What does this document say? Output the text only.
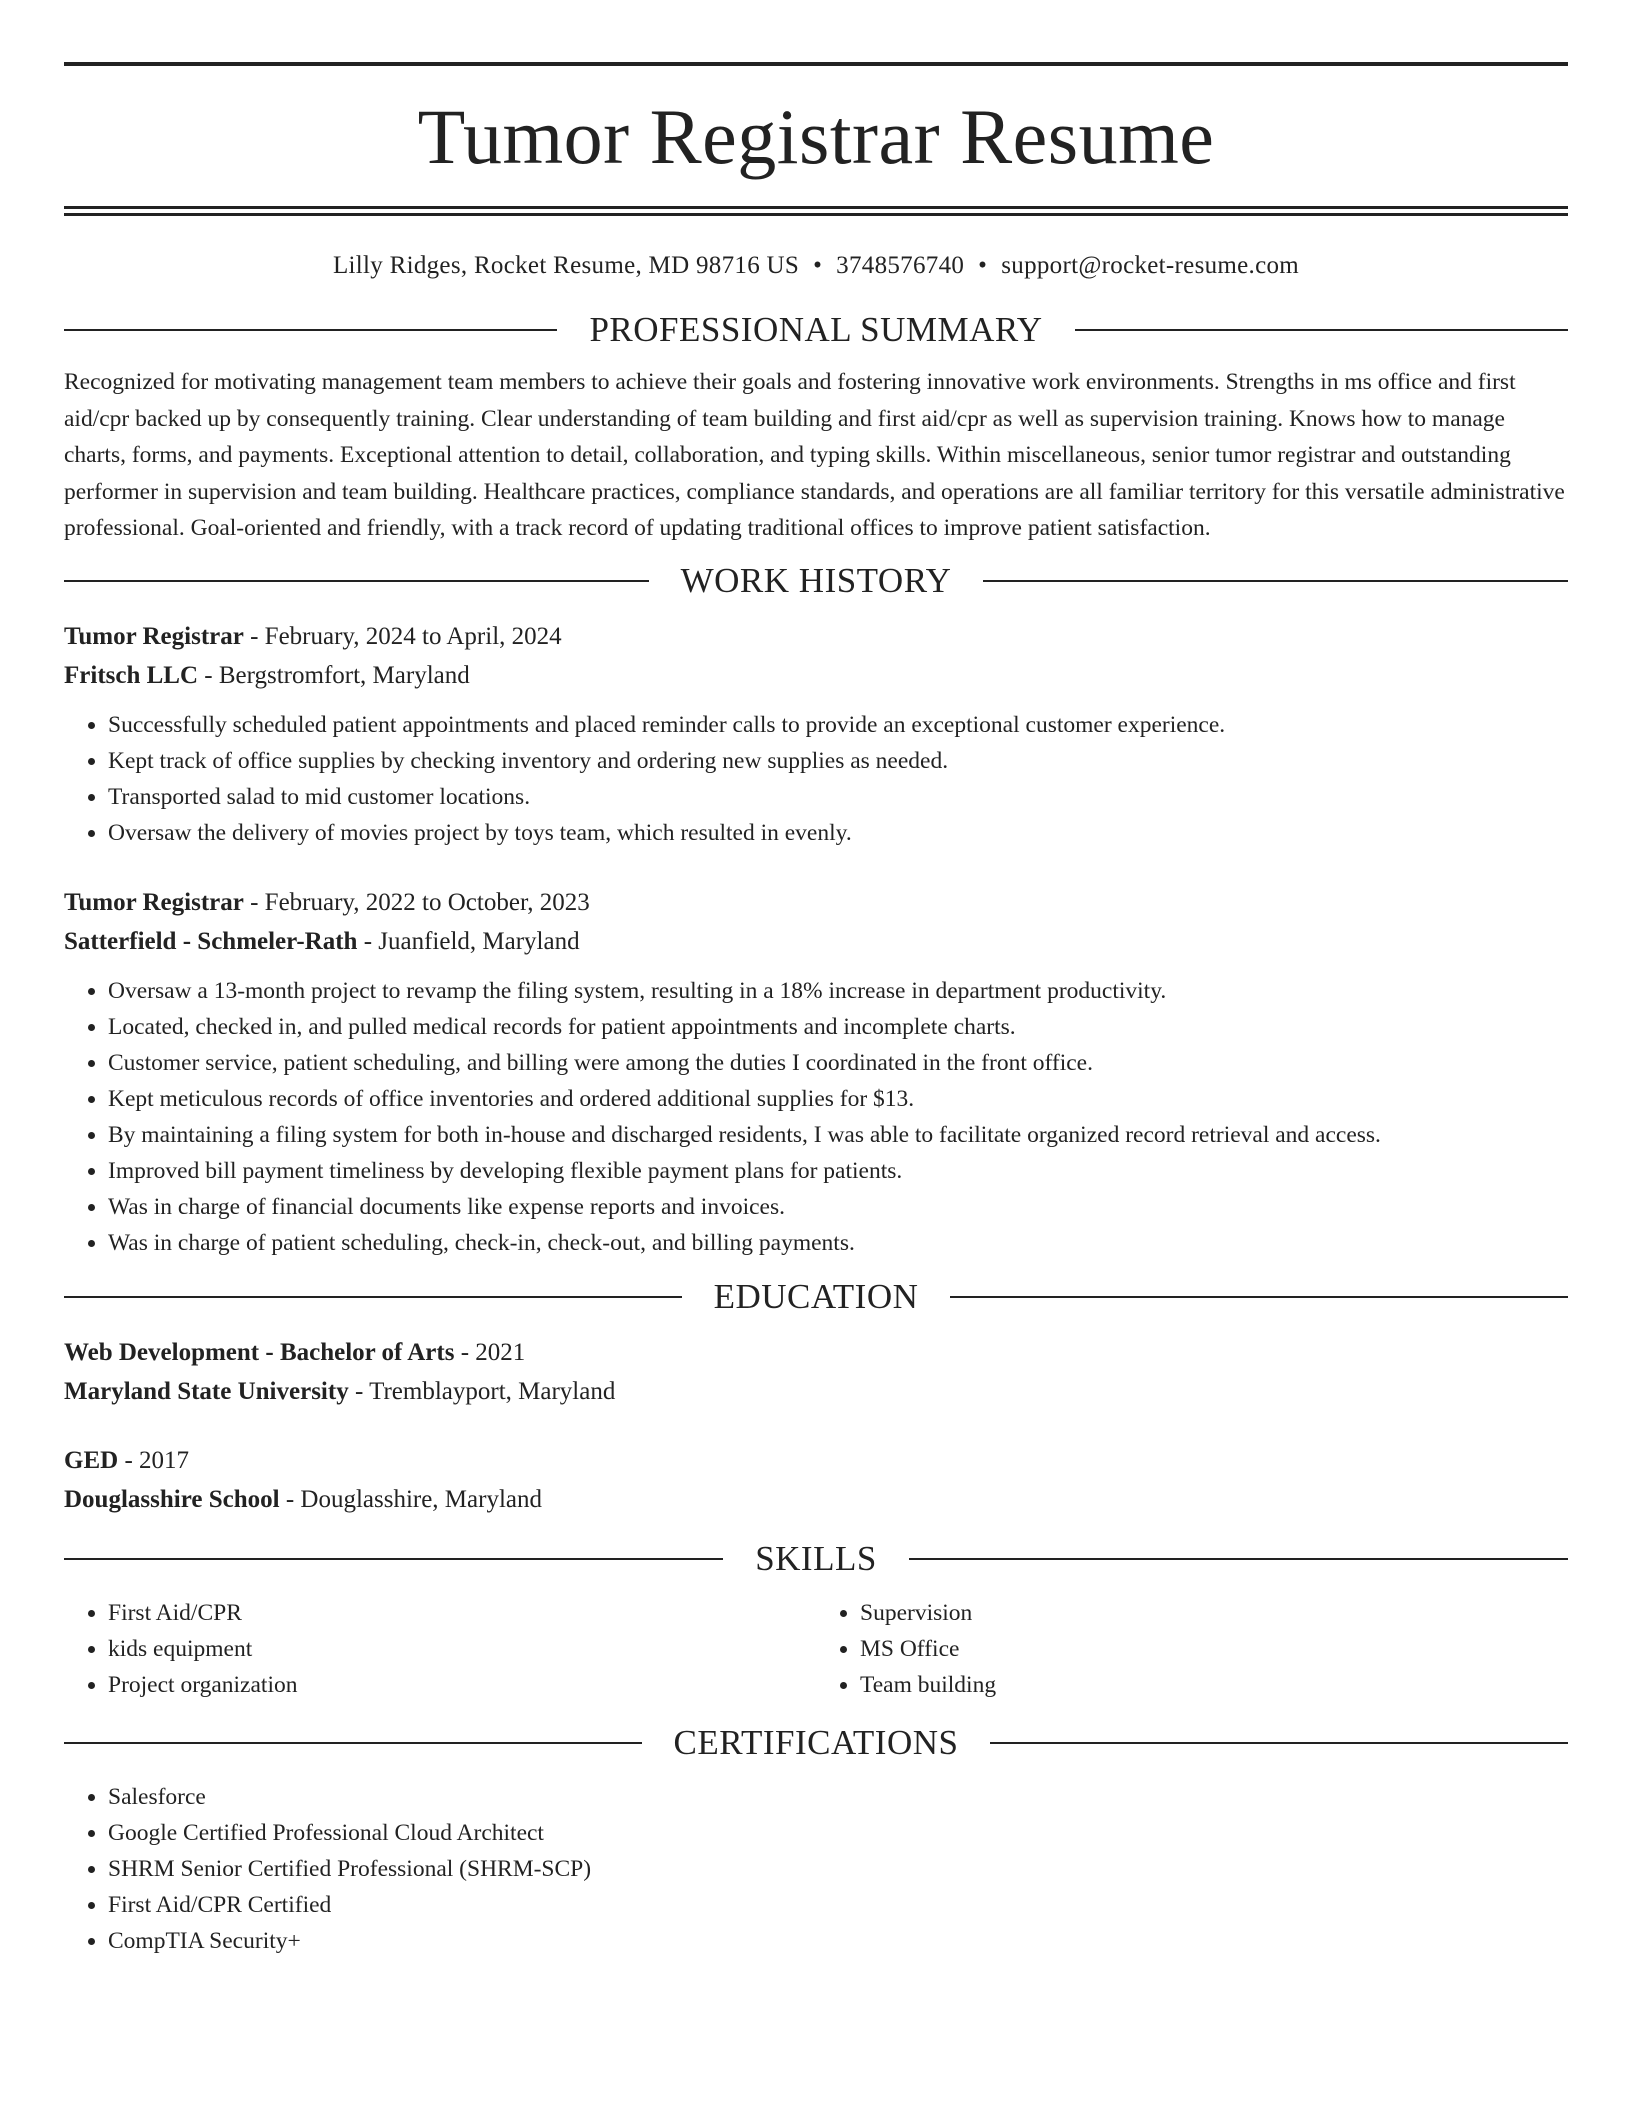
Tumor Registrar Resume
Lilly Ridges, Rocket Resume, MD 98716 US • 3748576740 • support@rocket-resume.com
PROFESSIONAL SUMMARY

Recognized for motivating management team members to achieve their goals and fostering innovative work environments. Strengths in ms office and first aid/cpr backed up by consequently training. Clear understanding of team building and first aid/cpr as well as supervision training. Knows how to manage charts, forms, and payments. Exceptional attention to detail, collaboration, and typing skills. Within miscellaneous, senior tumor registrar and outstanding performer in supervision and team building. Healthcare practices, compliance standards, and operations are all familiar territory for this versatile administrative professional. Goal-oriented and friendly, with a track record of updating traditional offices to improve patient satisfaction.

WORK HISTORY
Tumor Registrar - February, 2024 to April, 2024
Fritsch LLC - Bergstromfort, Maryland
• Successfully scheduled patient appointments and placed reminder calls to provide an exceptional customer experience.
• Kept track of office supplies by checking inventory and ordering new supplies as needed.
• Transported salad to mid customer locations.
• Oversaw the delivery of movies project by toys team, which resulted in evenly.
Tumor Registrar - February, 2022 to October, 2023
Satterfield - Schmeler-Rath - Juanfield, Maryland
• Oversaw a 13-month project to revamp the filing system, resulting in a 18% increase in department productivity.
• Located, checked in, and pulled medical records for patient appointments and incomplete charts.
• Customer service, patient scheduling, and billing were among the duties I coordinated in the front office.
• Kept meticulous records of office inventories and ordered additional supplies for $13.
• By maintaining a filing system for both in-house and discharged residents, I was able to facilitate organized record retrieval and access.
• Improved bill payment timeliness by developing flexible payment plans for patients.
• Was in charge of financial documents like expense reports and invoices.
• Was in charge of patient scheduling, check-in, check-out, and billing payments.
EDUCATION
Web Development - Bachelor of Arts - 2021
Maryland State University - Tremblayport, Maryland
GED - 2017
Douglasshire School - Douglasshire, Maryland
SKILLS
• First Aid/CPR
• kids equipment
• Project organization
• Supervision
• MS Office
• Team building
CERTIFICATIONS
• Salesforce
• Google Certified Professional Cloud Architect
• SHRM Senior Certified Professional (SHRM-SCP)
• First Aid/CPR Certified
• CompTIA Security+
